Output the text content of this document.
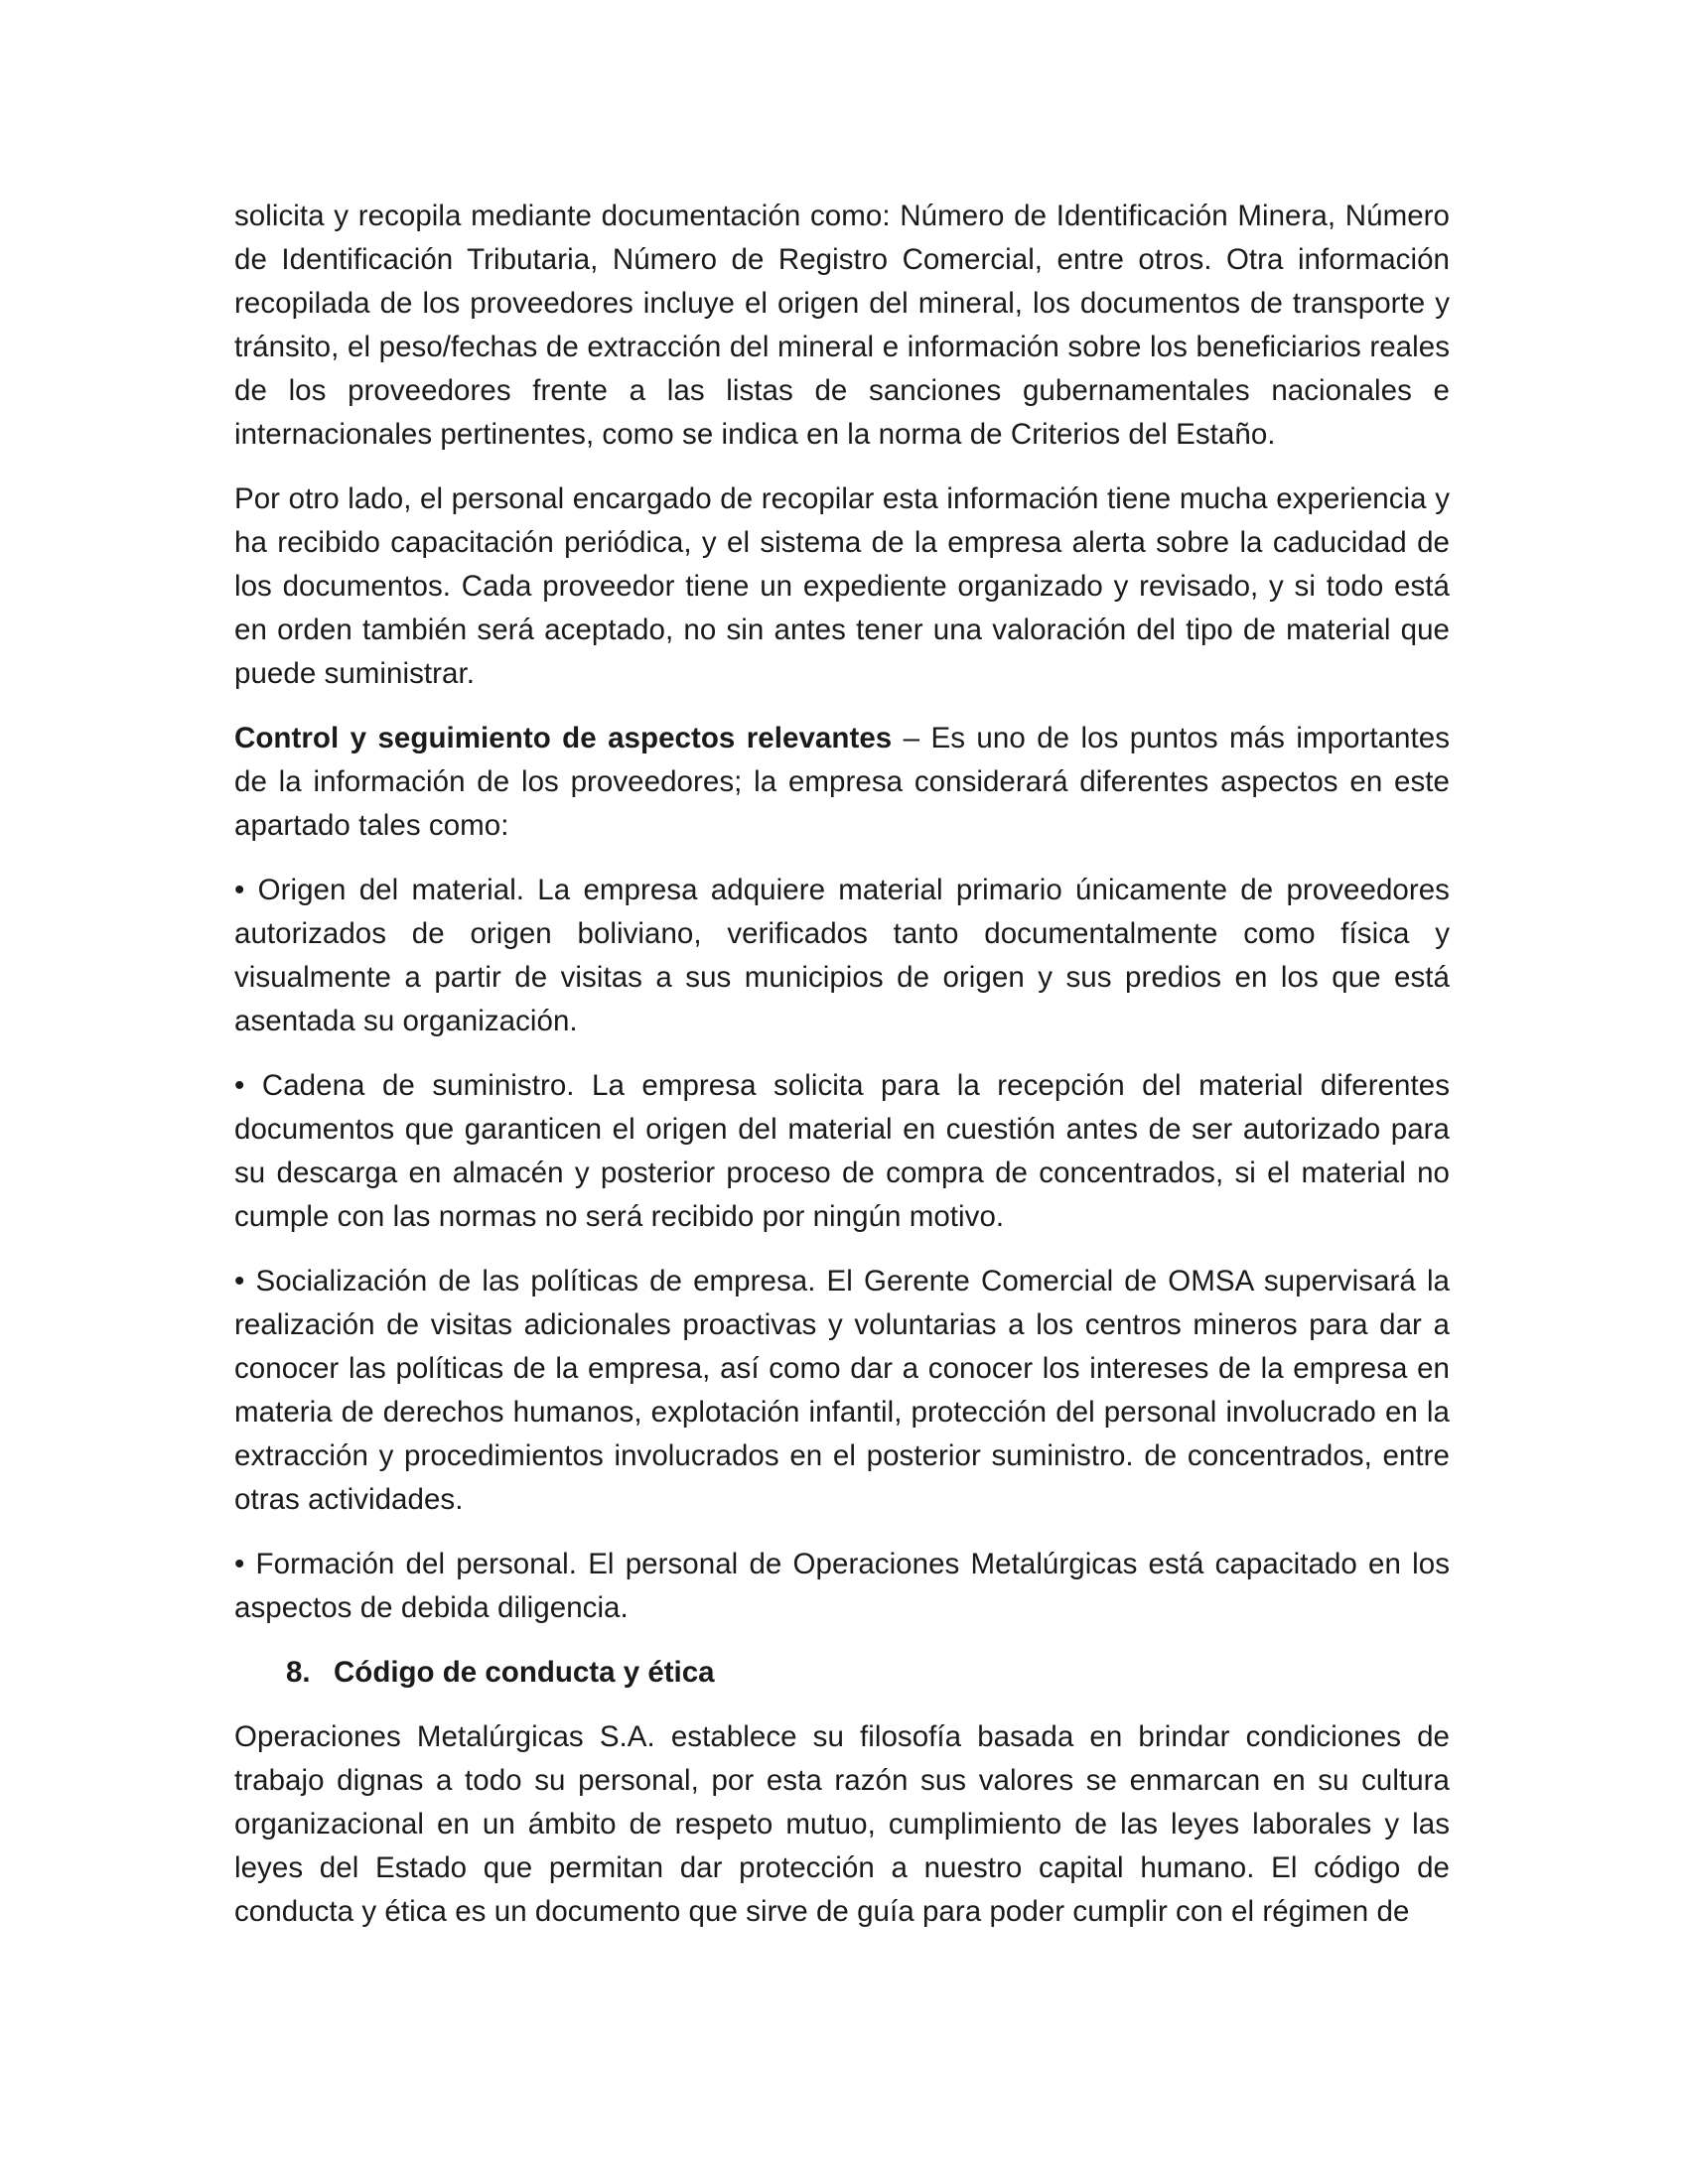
solicita y recopila mediante documentación como: Número de Identificación Minera, Número de Identificación Tributaria, Número de Registro Comercial, entre otros. Otra información recopilada de los proveedores incluye el origen del mineral, los documentos de transporte y tránsito, el peso/fechas de extracción del mineral e información sobre los beneficiarios reales de los proveedores frente a las listas de sanciones gubernamentales nacionales e internacionales pertinentes, como se indica en la norma de Criterios del Estaño.

Por otro lado, el personal encargado de recopilar esta información tiene mucha experiencia y ha recibido capacitación periódica, y el sistema de la empresa alerta sobre la caducidad de los documentos. Cada proveedor tiene un expediente organizado y revisado, y si todo está en orden también será aceptado, no sin antes tener una valoración del tipo de material que puede suministrar.

Control y seguimiento de aspectos relevantes – Es uno de los puntos más importantes de la información de los proveedores; la empresa considerará diferentes aspectos en este apartado tales como:

• Origen del material. La empresa adquiere material primario únicamente de proveedores autorizados de origen boliviano, verificados tanto documentalmente como física y visualmente a partir de visitas a sus municipios de origen y sus predios en los que está asentada su organización.

• Cadena de suministro. La empresa solicita para la recepción del material diferentes documentos que garanticen el origen del material en cuestión antes de ser autorizado para su descarga en almacén y posterior proceso de compra de concentrados, si el material no cumple con las normas no será recibido por ningún motivo.

• Socialización de las políticas de empresa. El Gerente Comercial de OMSA supervisará la realización de visitas adicionales proactivas y voluntarias a los centros mineros para dar a conocer las políticas de la empresa, así como dar a conocer los intereses de la empresa en materia de derechos humanos, explotación infantil, protección del personal involucrado en la extracción y procedimientos involucrados en el posterior suministro. de concentrados, entre otras actividades.

• Formación del personal. El personal de Operaciones Metalúrgicas está capacitado en los aspectos de debida diligencia.

8. Código de conducta y ética

Operaciones Metalúrgicas S.A. establece su filosofía basada en brindar condiciones de trabajo dignas a todo su personal, por esta razón sus valores se enmarcan en su cultura organizacional en un ámbito de respeto mutuo, cumplimiento de las leyes laborales y las leyes del Estado que permitan dar protección a nuestro capital humano. El código de conducta y ética es un documento que sirve de guía para poder cumplir con el régimen de
